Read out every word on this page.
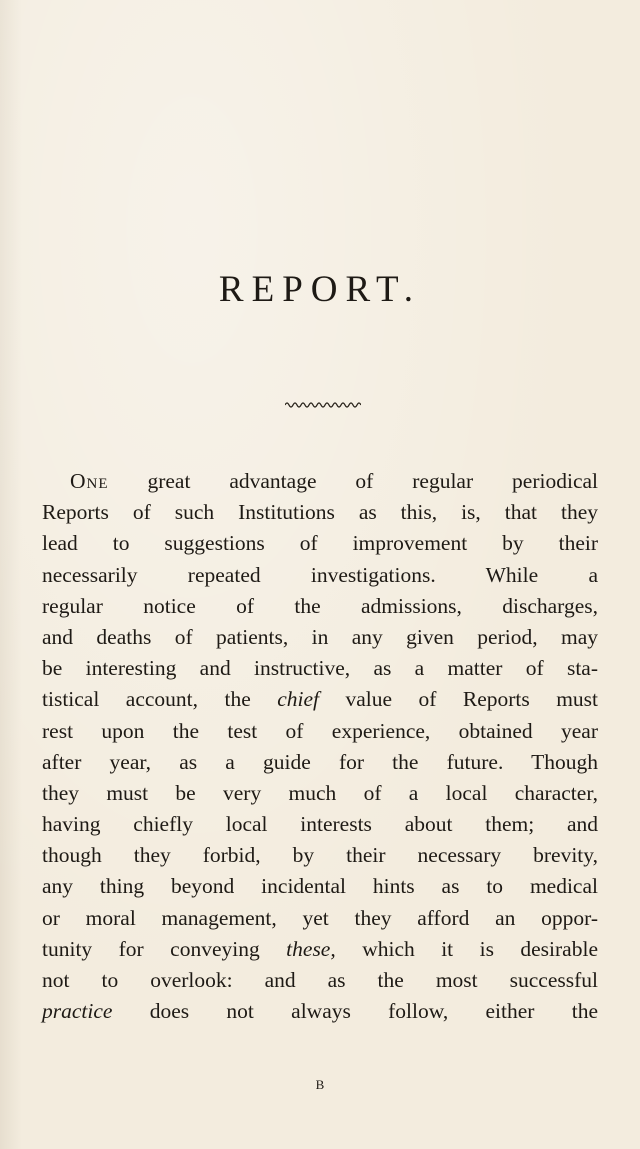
REPORT.
One great advantage of regular periodical
Reports of such Institutions as this, is, that they
lead to suggestions of improvement by their
necessarily repeated investigations. While a
regular notice of the admissions, discharges,
and deaths of patients, in any given period, may
be interesting and instructive, as a matter of sta-
tistical account, the chief value of Reports must
rest upon the test of experience, obtained year
after year, as a guide for the future. Though
they must be very much of a local character,
having chiefly local interests about them; and
though they forbid, by their necessary brevity,
any thing beyond incidental hints as to medical
or moral management, yet they afford an oppor-
tunity for conveying these, which it is desirable
not to overlook: and as the most successful
practice does not always follow, either the

B
